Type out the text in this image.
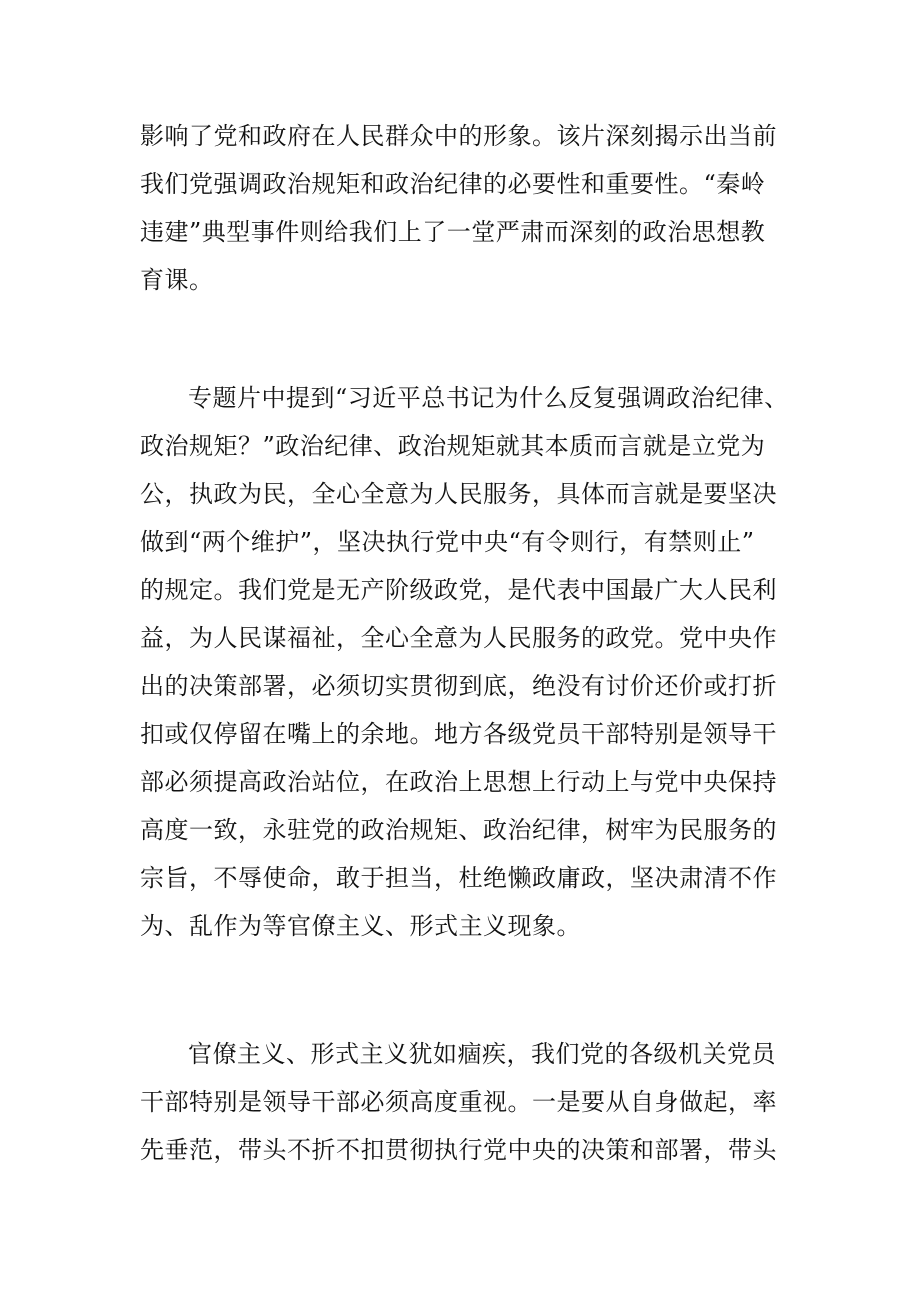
影响了党和政府在人民群众中的形象。该片深刻揭示出当前
我们党强调政治规矩和政治纪律的必要性和重要性。“秦岭
违建”典型事件则给我们上了一堂严肃而深刻的政治思想教
育课。
专题片中提到“习近平总书记为什么反复强调政治纪律、
政治规矩？”政治纪律、政治规矩就其本质而言就是立党为
公，执政为民，全心全意为人民服务，具体而言就是要坚决
做到“两个维护”，坚决执行党中央“有令则行，有禁则止”
的规定。我们党是无产阶级政党，是代表中国最广大人民利
益，为人民谋福祉，全心全意为人民服务的政党。党中央作
出的决策部署，必须切实贯彻到底，绝没有讨价还价或打折
扣或仅停留在嘴上的余地。地方各级党员干部特别是领导干
部必须提高政治站位，在政治上思想上行动上与党中央保持
高度一致，永驻党的政治规矩、政治纪律，树牢为民服务的
宗旨，不辱使命，敢于担当，杜绝懒政庸政，坚决肃清不作
为、乱作为等官僚主义、形式主义现象。
官僚主义、形式主义犹如痼疾，我们党的各级机关党员
干部特别是领导干部必须高度重视。一是要从自身做起，率
先垂范，带头不折不扣贯彻执行党中央的决策和部署，带头
